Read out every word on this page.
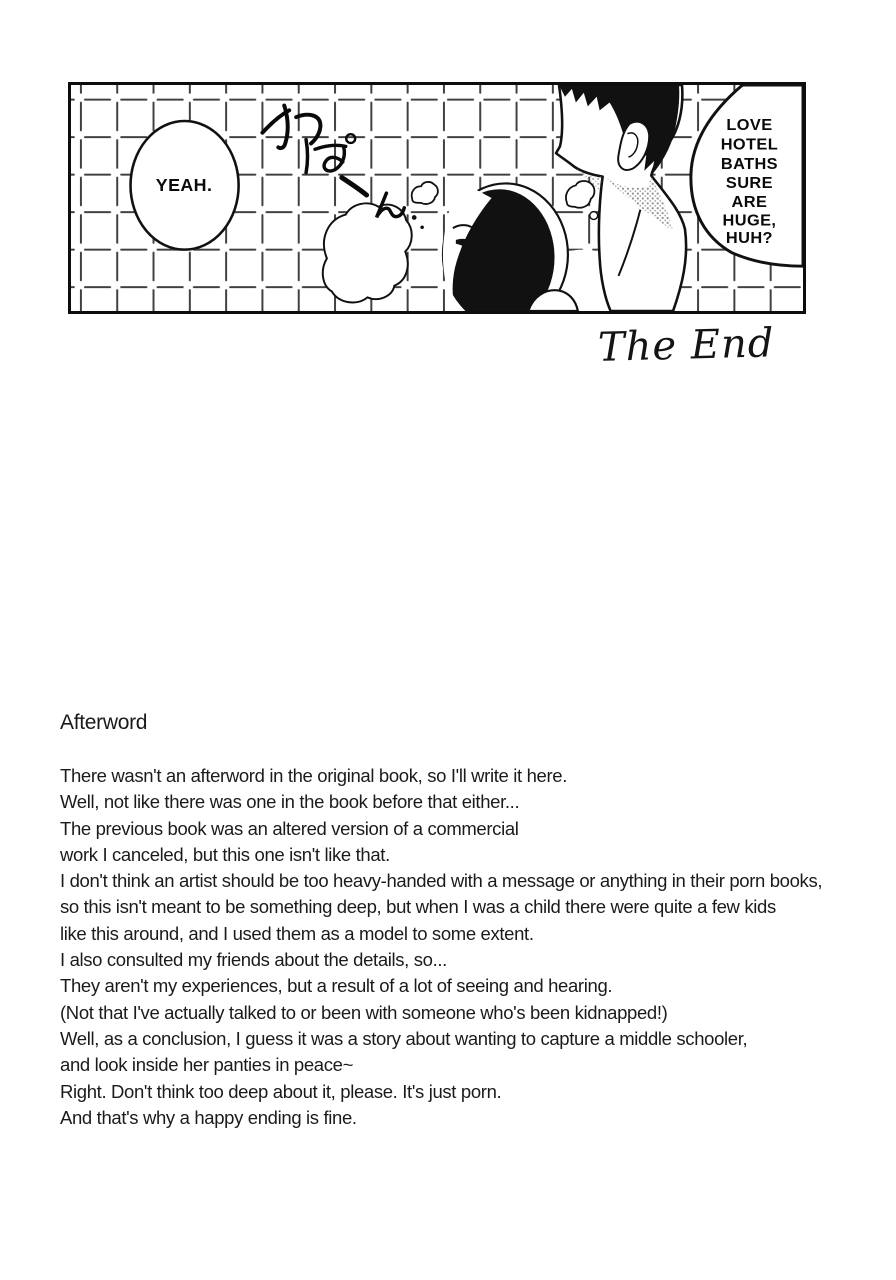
YEAH.
LOVE
HOTEL
BATHS
SURE
ARE
HUGE,
HUH?
The End
Afterword
There wasn't an afterword in the original book, so I'll write it here.
Well, not like there was one in the book before that either...
The previous book was an altered version of a commercial
work I canceled, but this one isn't like that.
I don't think an artist should be too heavy-handed with a message or anything in their porn books,
so this isn't meant to be something deep, but when I was a child there were quite a few kids
like this around, and I used them as a model to some extent.
I also consulted my friends about the details, so...
They aren't my experiences, but a result of a lot of seeing and hearing.
(Not that I've actually talked to or been with someone who's been kidnapped!)
Well, as a conclusion, I guess it was a story about wanting to capture a middle schooler,
and look inside her panties in peace~
Right. Don't think too deep about it, please. It's just porn.
And that's why a happy ending is fine.
